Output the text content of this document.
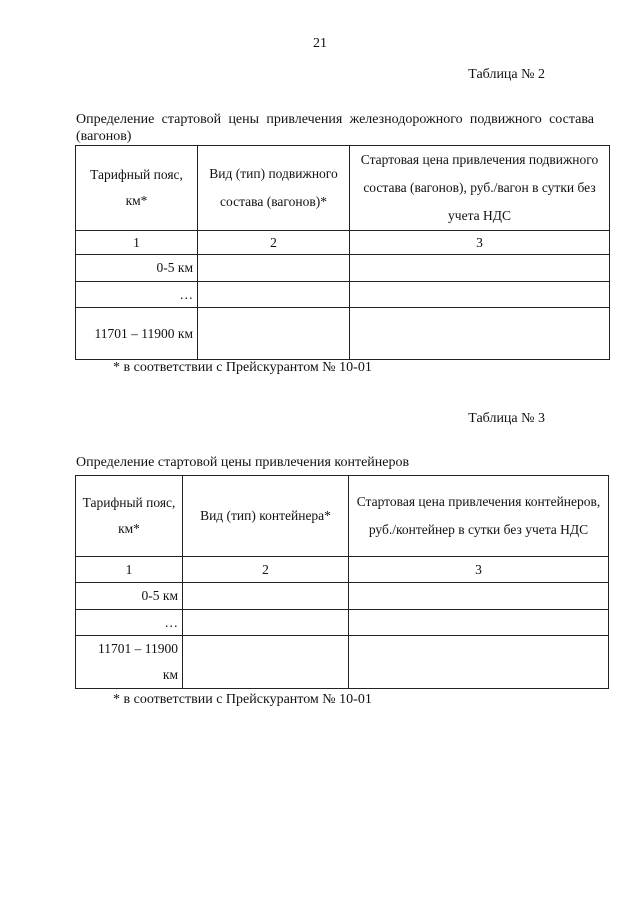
21
Таблица № 2
Определение стартовой цены привлечения железнодорожного подвижного состава (вагонов)
Тарифный пояс, км*	Вид (тип) подвижного состава (вагонов)*	Стартовая цена привлечения подвижного состава (вагонов), руб./вагон в сутки без учета НДС
1	2	3
0-5 км		
…		
11701 – 11900 км		
* в соответствии с Прейскурантом № 10-01
Таблица № 3
Определение стартовой цены привлечения контейнеров
Тарифный пояс, км*	Вид (тип) контейнера*	Стартовая цена привлечения контейнеров, руб./контейнер в сутки без учета НДС
1	2	3
0-5 км		
…		
11701 – 11900 км		
* в соответствии с Прейскурантом № 10-01
